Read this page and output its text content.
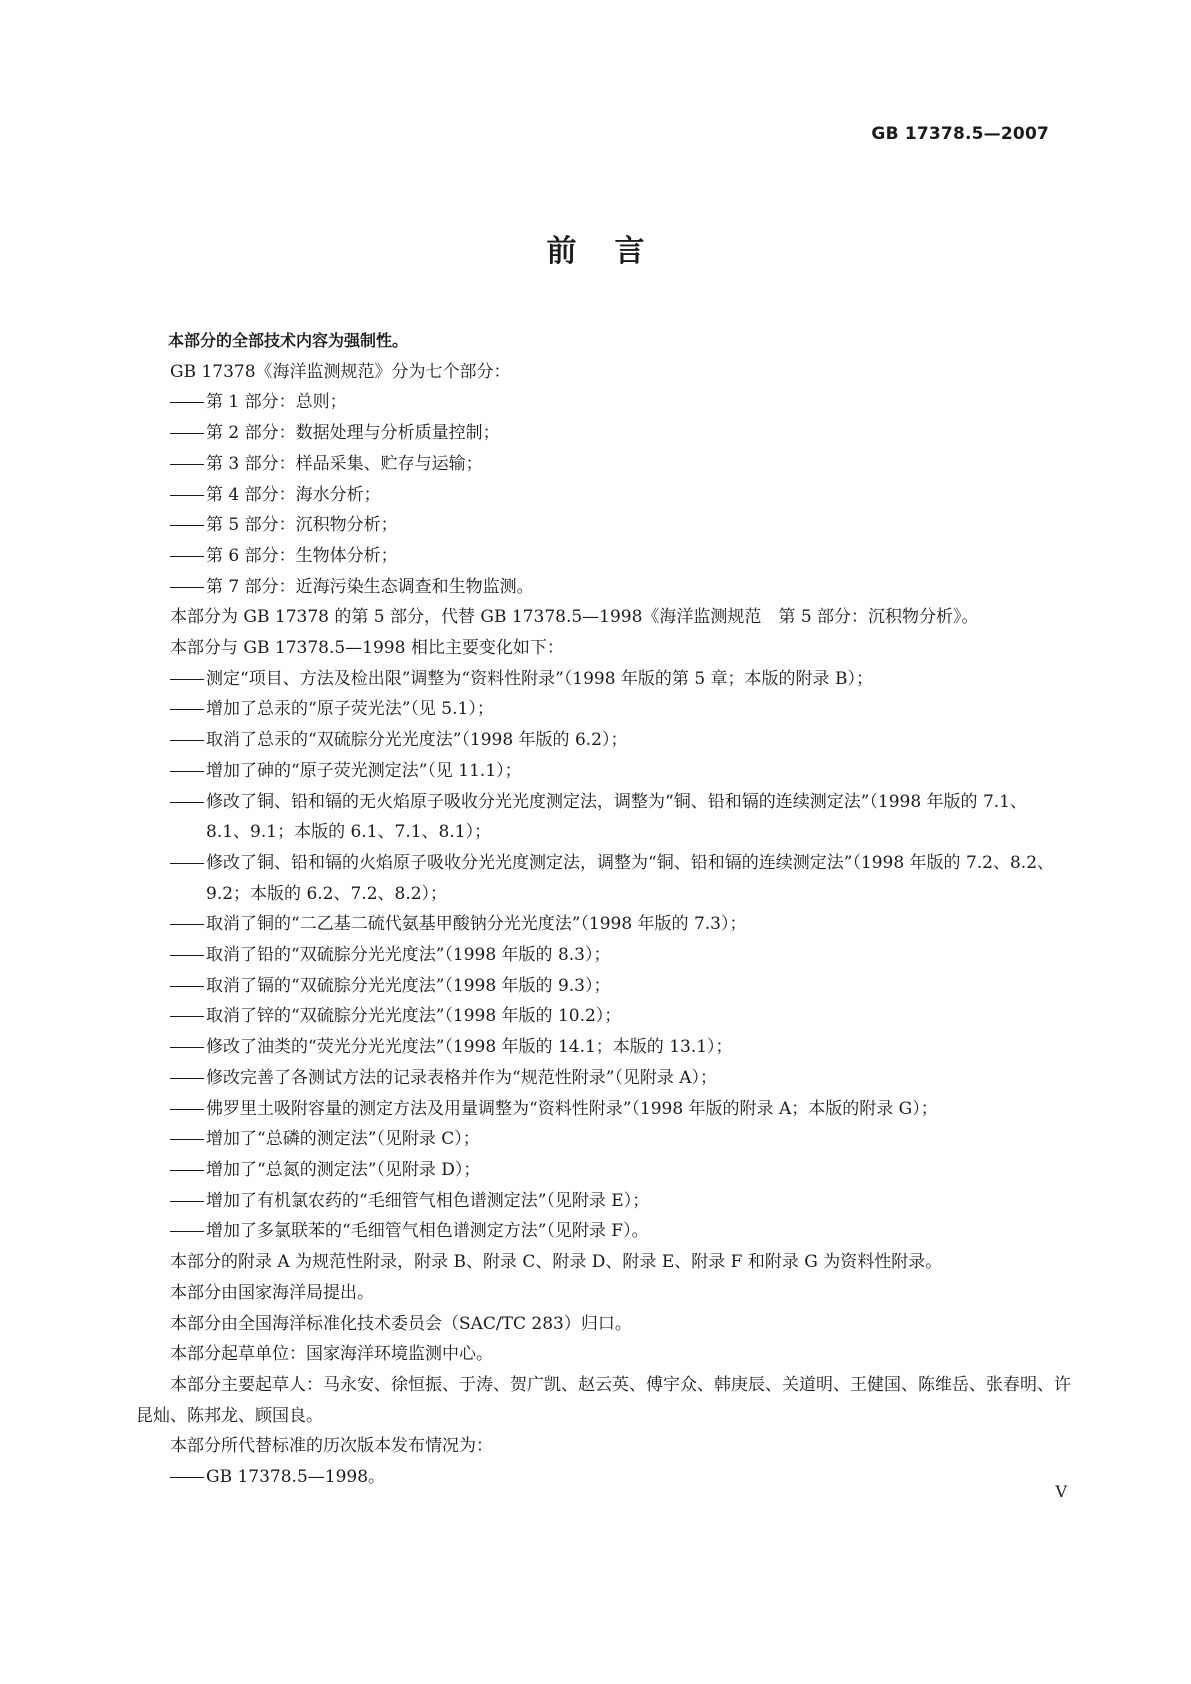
GB 17378.5—2007
前言

本部分的全部技术内容为强制性。

GB 17378《海洋监测规范》分为七个部分：

第 1 部分：总则；

第 2 部分：数据处理与分析质量控制；

第 3 部分：样品采集、贮存与运输；

第 4 部分：海水分析；

第 5 部分：沉积物分析；

第 6 部分：生物体分析；

第 7 部分：近海污染生态调查和生物监测。

本部分为 GB 17378 的第 5 部分，代替 GB 17378.5—1998《海洋监测规范　第 5 部分：沉积物分析》。

本部分与 GB 17378.5—1998 相比主要变化如下：

测定“项目、方法及检出限”调整为“资料性附录”（1998 年版的第 5 章；本版的附录 B）；

增加了总汞的“原子荧光法”（见 5.1）；

取消了总汞的“双硫腙分光光度法”（1998 年版的 6.2）；

增加了砷的“原子荧光测定法”（见 11.1）；

修改了铜、铅和镉的无火焰原子吸收分光光度测定法，调整为“铜、铅和镉的连续测定法”（1998 年版的 7.1、8.1、9.1；本版的 6.1、7.1、8.1）；

修改了铜、铅和镉的火焰原子吸收分光光度测定法，调整为“铜、铅和镉的连续测定法”（1998 年版的 7.2、8.2、9.2；本版的 6.2、7.2、8.2）；

取消了铜的“二乙基二硫代氨基甲酸钠分光光度法”（1998 年版的 7.3）；

取消了铅的“双硫腙分光光度法”（1998 年版的 8.3）；

取消了镉的“双硫腙分光光度法”（1998 年版的 9.3）；

取消了锌的“双硫腙分光光度法”（1998 年版的 10.2）；

修改了油类的“荧光分光光度法”（1998 年版的 14.1；本版的 13.1）；

修改完善了各测试方法的记录表格并作为“规范性附录”（见附录 A）；

佛罗里土吸附容量的测定方法及用量调整为“资料性附录”（1998 年版的附录 A；本版的附录 G）；

增加了“总磷的测定法”（见附录 C）；

增加了“总氮的测定法”（见附录 D）；

增加了有机氯农药的“毛细管气相色谱测定法”（见附录 E）；

增加了多氯联苯的“毛细管气相色谱测定方法”（见附录 F）。

本部分的附录 A 为规范性附录，附录 B、附录 C、附录 D、附录 E、附录 F 和附录 G 为资料性附录。

本部分由国家海洋局提出。

本部分由全国海洋标准化技术委员会（SAC/TC 283）归口。

本部分起草单位：国家海洋环境监测中心。

本部分主要起草人：马永安、徐恒振、于涛、贺广凯、赵云英、傅宇众、韩庚辰、关道明、王健国、陈维岳、张春明、许昆灿、陈邦龙、顾国良。

本部分所代替标准的历次版本发布情况为：

GB 17378.5—1998。

V
